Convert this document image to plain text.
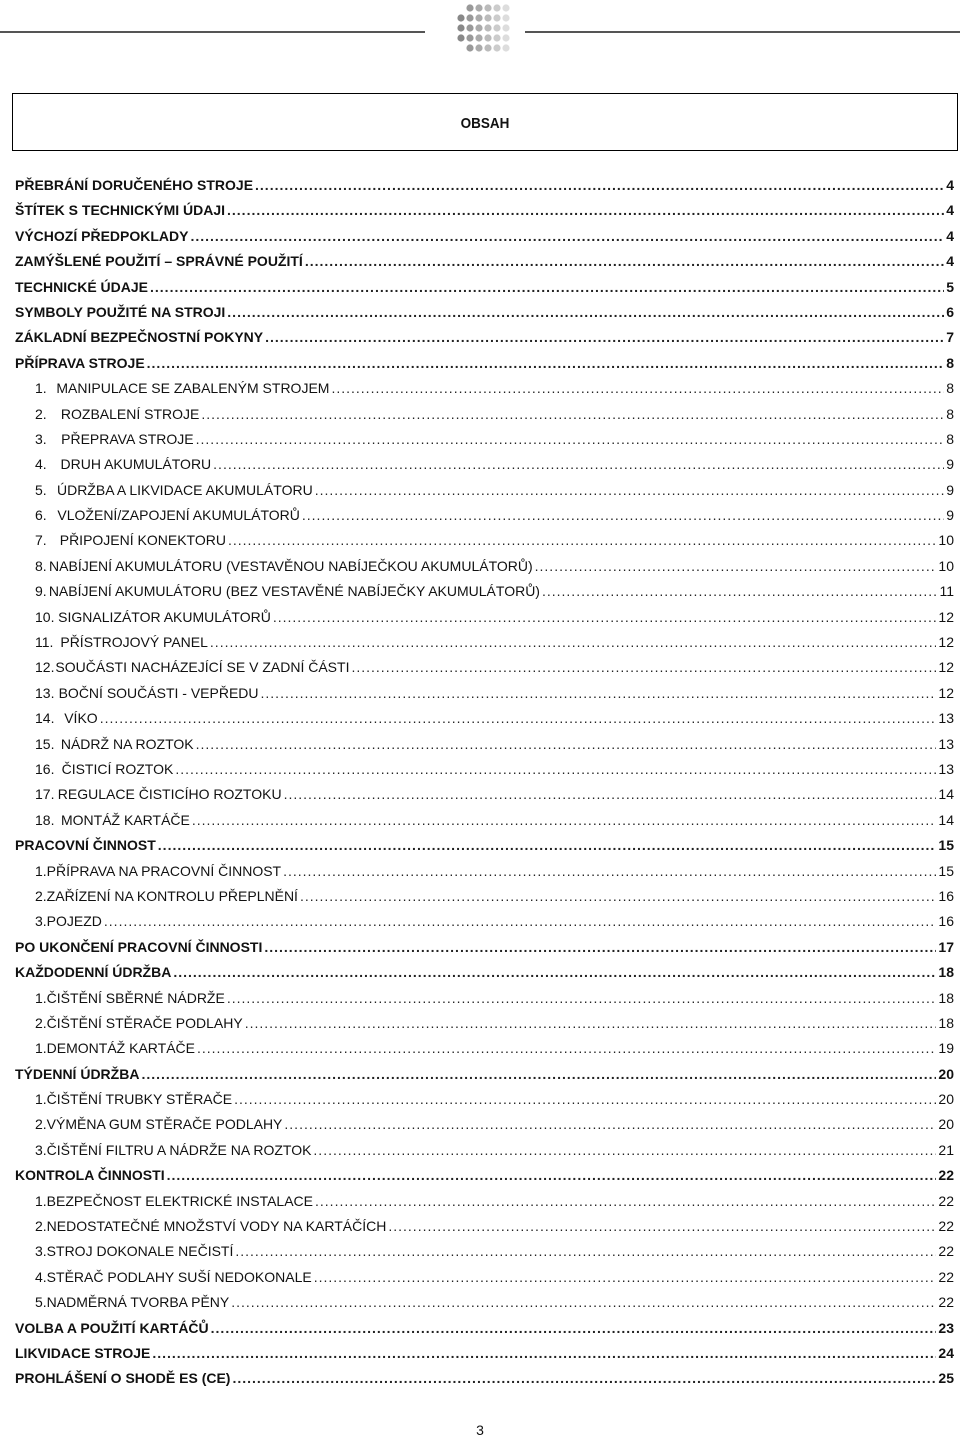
OBSAH
PŘEBRÁNÍ DORUČENÉHO STROJE .....	4
ŠTÍTEK S TECHNICKÝMI ÚDAJI .....	4
VÝCHOZÍ PŘEDPOKLADY .....	4
ZAMÝŠLENÉ POUŽITÍ – SPRÁVNÉ POUŽITÍ .....	4
TECHNICKÉ ÚDAJE .....	5
SYMBOLY POUŽITÉ NA STROJI .....	6
ZÁKLADNÍ BEZPEČNOSTNÍ POKYNY .....	7
PŘÍPRAVA STROJE .....	8
1. MANIPULACE SE ZABALENÝM STROJEM .....	8
2.	ROZBALENÍ STROJE .....	8
3.	PŘEPRAVA STROJE .....	8
4. DRUH AKUMULÁTORU .....	9
5. ÚDRŽBA A LIKVIDACE AKUMULÁTORU .....	9
6. VLOŽENÍ/ZAPOJENÍ AKUMULÁTORŮ .....	9
7. PŘIPOJENÍ KONEKTORU .....	10
8. NABÍJENÍ AKUMULÁTORU (VESTAVĚNOU NABÍJEČKOU AKUMULÁTORŮ) .....	10
9. NABÍJENÍ AKUMULÁTORU (BEZ VESTAVĚNÉ NABÍJEČKY AKUMULÁTORŮ) .....	11
10. SIGNALIZÁTOR AKUMULÁTORŮ .....	12
11. PŘÍSTROJOVÝ PANEL .....	12
12. SOUČÁSTI NACHÁZEJÍCÍ SE V ZADNÍ ČÁSTI .....	12
13. BOČNÍ SOUČÁSTI - VEPŘEDU .....	12
14. VÍKO .....	13
15. NÁDRŽ NA ROZTOK .....	13
16. ČISTICÍ ROZTOK .....	13
17. REGULACE ČISTICÍHO ROZTOKU .....	14
18. MONTÁŽ KARTÁČE .....	14
PRACOVNÍ ČINNOST .....	15
1.PŘÍPRAVA NA PRACOVNÍ ČINNOST .....	15
2.ZAŘÍZENÍ NA KONTROLU PŘEPLNĚNÍ .....	16
3.POJEZD .....	16
PO UKONČENÍ PRACOVNÍ ČINNOSTI .....	17
KAŽDODENNÍ ÚDRŽBA .....	18
1.ČIŠTĚNÍ SBĚRNÉ NÁDRŽE .....	18
2.ČIŠTĚNÍ STĚRAČE PODLAHY .....	18
1.DEMONTÁŽ KARTÁČE .....	19
TÝDENNÍ ÚDRŽBA .....	20
1.ČIŠTĚNÍ TRUBKY STĚRAČE .....	20
2.VÝMĚNA GUM STĚRAČE PODLAHY .....	20
3.ČIŠTĚNÍ FILTRU A NÁDRŽE NA ROZTOK .....	21
KONTROLA ČINNOSTI .....	22
1.BEZPEČNOST ELEKTRICKÉ INSTALACE .....	22
2.NEDOSTATEČNÉ MNOŽSTVÍ VODY NA KARTÁČÍCH .....	22
3.STROJ DOKONALE NEČISTÍ .....	22
4.STĚRAČ PODLAHY SUŠÍ NEDOKONALE .....	22
5.NADMĚRNÁ TVORBA PĚNY .....	22
VOLBA A POUŽITÍ KARTÁČŮ .....	23
LIKVIDACE STROJE .....	24
PROHLÁŠENÍ O SHODĚ ES (CE) .....	25
3
